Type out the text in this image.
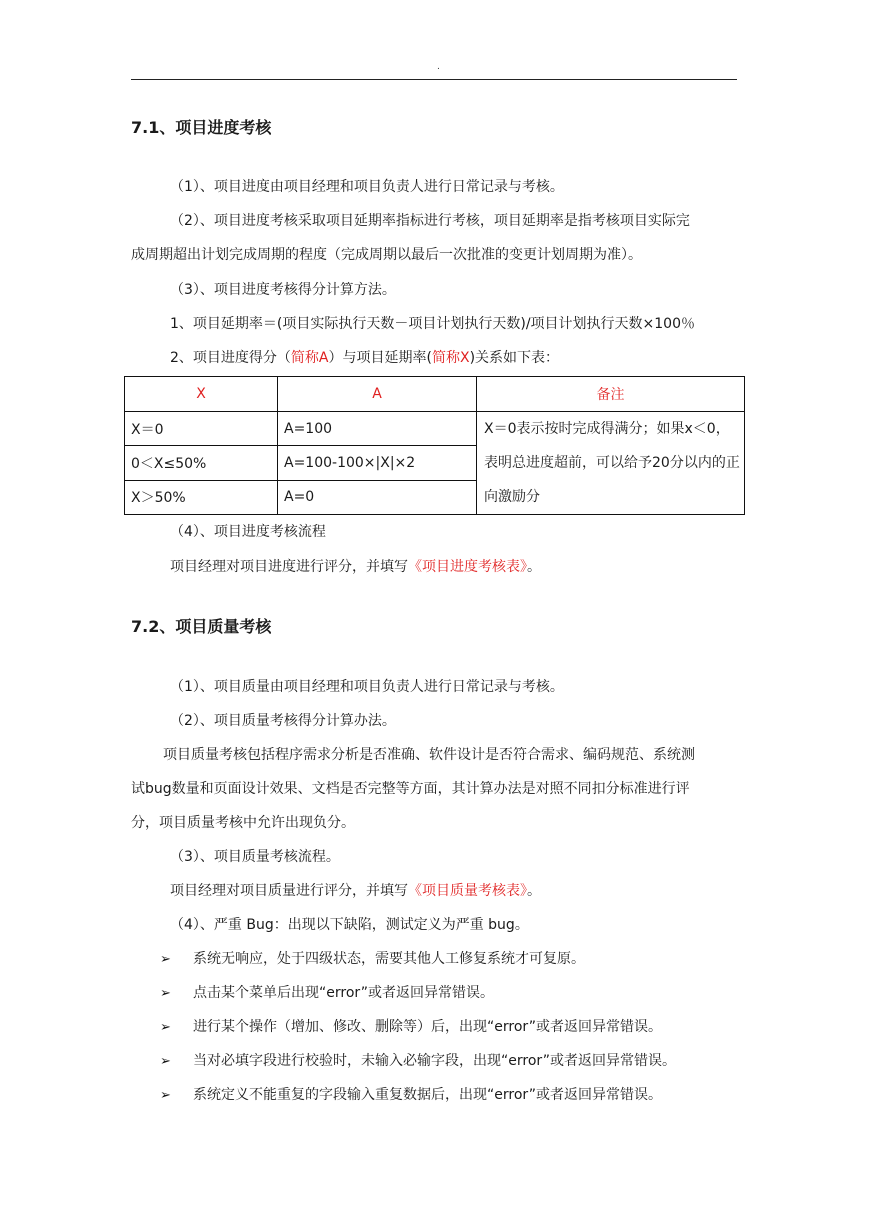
.
7.1、项目进度考核
（1）、项目进度由项目经理和项目负责人进行日常记录与考核。
（2）、项目进度考核采取项目延期率指标进行考核，项目延期率是指考核项目实际完
成周期超出计划完成周期的程度（完成周期以最后一次批准的变更计划周期为准）。
（3）、项目进度考核得分计算方法。
1、项目延期率＝(项目实际执行天数－项目计划执行天数)/项目计划执行天数×100％
2、项目进度得分（简称A）与项目延期率(简称X)关系如下表：
X	A	备注
X＝0	A=100	X＝0表示按时完成得满分；如果x＜0，表明总进度超前，可以给予20分以内的正向激励分
0＜X≤50%	A=100-100×|X|×2	
X＞50%	A=0	
（4）、项目进度考核流程
项目经理对项目进度进行评分，并填写《项目进度考核表》。
7.2、项目质量考核
（1）、项目质量由项目经理和项目负责人进行日常记录与考核。
（2）、项目质量考核得分计算办法。
项目质量考核包括程序需求分析是否准确、软件设计是否符合需求、编码规范、系统测
试bug数量和页面设计效果、文档是否完整等方面，其计算办法是对照不同扣分标准进行评
分，项目质量考核中允许出现负分。
（3）、项目质量考核流程。
项目经理对项目质量进行评分，并填写《项目质量考核表》。
（4）、严重 Bug：出现以下缺陷，测试定义为严重 bug。
➢ 系统无响应，处于四级状态，需要其他人工修复系统才可复原。
➢ 点击某个菜单后出现“error”或者返回异常错误。
➢ 进行某个操作（增加、修改、删除等）后，出现“error”或者返回异常错误。
➢ 当对必填字段进行校验时，未输入必输字段，出现“error”或者返回异常错误。
➢ 系统定义不能重复的字段输入重复数据后，出现“error”或者返回异常错误。
